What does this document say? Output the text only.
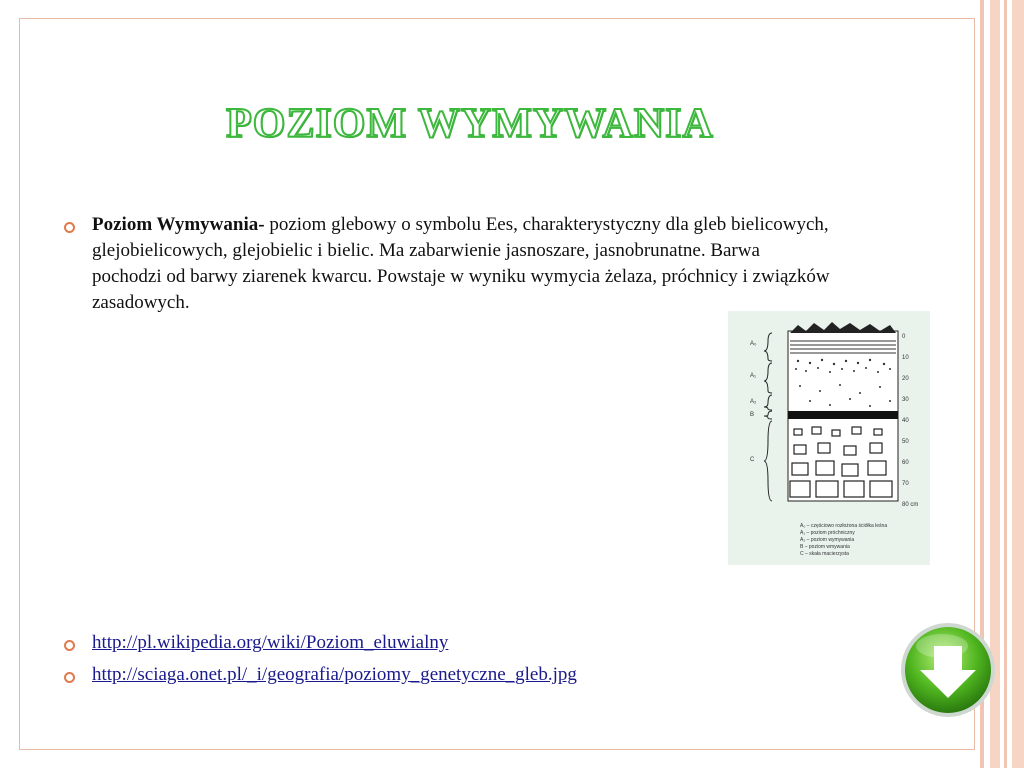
POZIOM WYMYWANIA
Poziom Wymywania- poziom glebowy o symbolu Ees, charakterystyczny dla gleb bielicowych, glejobielicowych, glejobielic i bielic. Ma zabarwienie jasnoszare, jasnobrunatne. Barwa pochodzi od barwy ziarenek kwarcu. Powstaje w wyniku wymycia żelaza, próchnicy i związków zasadowych.
A₀
A₁
A₂
B
C
0
10
20
30
40
50
60
70
80 cm
A₀ – częściowo rozłożona ściółka leśna
A₁ – poziom próchniczny
A₂ – poziom wymywania
B – poziom wmywania
C – skała macierzysta
http://pl.wikipedia.org/wiki/Poziom_eluwialny
http://sciaga.onet.pl/_i/geografia/poziomy_genetyczne_gleb.jpg
